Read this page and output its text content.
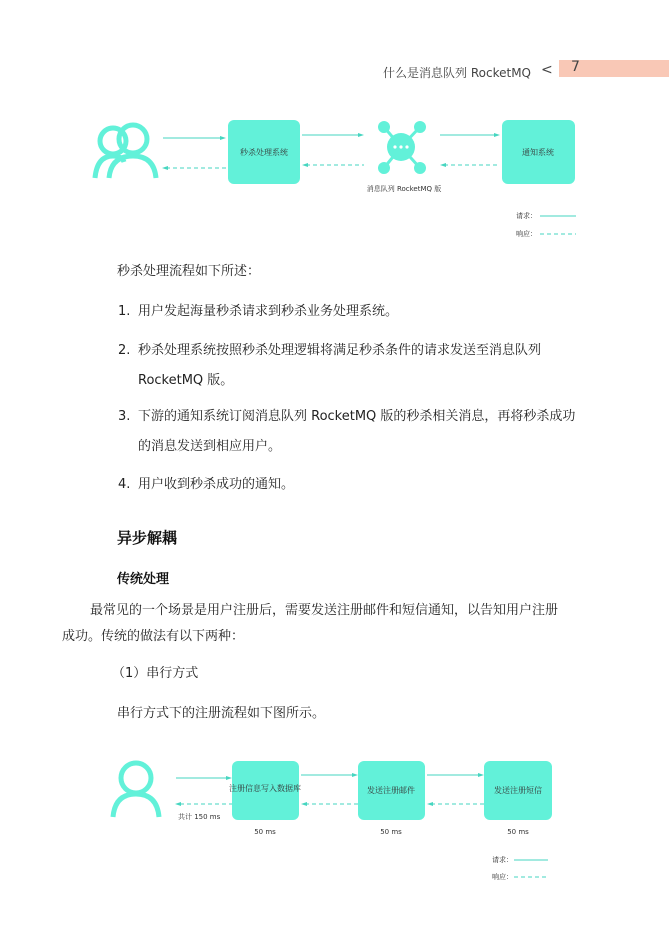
什么是消息队列 RocketMQ < 7
秒杀处理系统
消息队列 RocketMQ 版
通知系统
请求：
响应：
秒杀处理流程如下所述：
1. 用户发起海量秒杀请求到秒杀业务处理系统。
2. 秒杀处理系统按照秒杀处理逻辑将满足秒杀条件的请求发送至消息队列 RocketMQ 版。
3. 下游的通知系统订阅消息队列 RocketMQ 版的秒杀相关消息，再将秒杀成功的消息发送到相应用户。
4. 用户收到秒杀成功的通知。
异步解耦
传统处理
最常见的一个场景是用户注册后，需要发送注册邮件和短信通知，以告知用户注册成功。传统的做法有以下两种：
（1）串行方式
串行方式下的注册流程如下图所示。
共计 150 ms
注册信息写入数据库
50 ms
发送注册邮件
50 ms
发送注册短信
50 ms
请求：
响应：
